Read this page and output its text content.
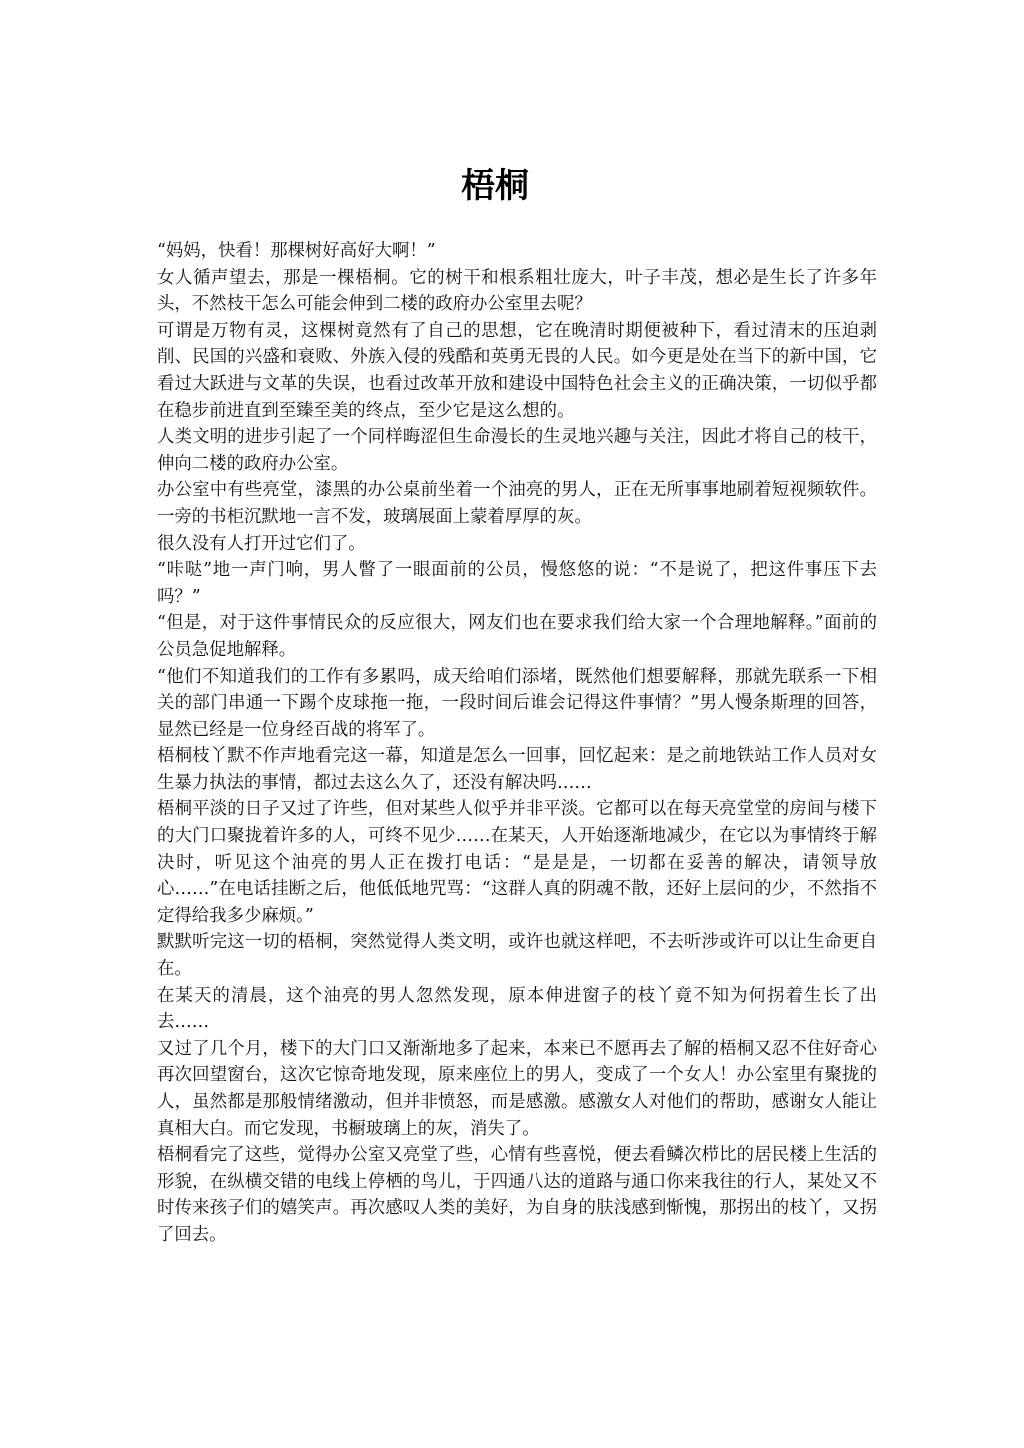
梧桐

“妈妈，快看！那棵树好高好大啊！”

女人循声望去，那是一棵梧桐。它的树干和根系粗壮庞大，叶子丰茂，想必是生长了许多年头，不然枝干怎么可能会伸到二楼的政府办公室里去呢？

可谓是万物有灵，这棵树竟然有了自己的思想，它在晚清时期便被种下，看过清末的压迫剥削、民国的兴盛和衰败、外族入侵的残酷和英勇无畏的人民。如今更是处在当下的新中国，它看过大跃进与文革的失误，也看过改革开放和建设中国特色社会主义的正确决策，一切似乎都在稳步前进直到至臻至美的终点，至少它是这么想的。

人类文明的进步引起了一个同样晦涩但生命漫长的生灵地兴趣与关注，因此才将自己的枝干，伸向二楼的政府办公室。

办公室中有些亮堂，漆黑的办公桌前坐着一个油亮的男人，正在无所事事地刷着短视频软件。一旁的书柜沉默地一言不发，玻璃展面上蒙着厚厚的灰。

很久没有人打开过它们了。

“咔哒”地一声门响，男人瞥了一眼面前的公员，慢悠悠的说：“不是说了，把这件事压下去吗？”

“但是，对于这件事情民众的反应很大，网友们也在要求我们给大家一个合理地解释。”面前的公员急促地解释。

“他们不知道我们的工作有多累吗，成天给咱们添堵，既然他们想要解释，那就先联系一下相关的部门串通一下踢个皮球拖一拖，一段时间后谁会记得这件事情？”男人慢条斯理的回答，显然已经是一位身经百战的将军了。

梧桐枝丫默不作声地看完这一幕，知道是怎么一回事，回忆起来：是之前地铁站工作人员对女生暴力执法的事情，都过去这么久了，还没有解决吗……

梧桐平淡的日子又过了许些，但对某些人似乎并非平淡。它都可以在每天亮堂堂的房间与楼下的大门口聚拢着许多的人，可终不见少……在某天，人开始逐渐地减少，在它以为事情终于解决时，听见这个油亮的男人正在拨打电话：“是是是，一切都在妥善的解决，请领导放心……”在电话挂断之后，他低低地咒骂：“这群人真的阴魂不散，还好上层问的少，不然指不定得给我多少麻烦。”

默默听完这一切的梧桐，突然觉得人类文明，或许也就这样吧，不去听涉或许可以让生命更自在。

在某天的清晨，这个油亮的男人忽然发现，原本伸进窗子的枝丫竟不知为何拐着生长了出去……

又过了几个月，楼下的大门口又渐渐地多了起来，本来已不愿再去了解的梧桐又忍不住好奇心再次回望窗台，这次它惊奇地发现，原来座位上的男人，变成了一个女人！办公室里有聚拢的人，虽然都是那般情绪激动，但并非愤怒，而是感激。感激女人对他们的帮助，感谢女人能让真相大白。而它发现，书橱玻璃上的灰，消失了。

梧桐看完了这些，觉得办公室又亮堂了些，心情有些喜悦，便去看鳞次栉比的居民楼上生活的形貌，在纵横交错的电线上停栖的鸟儿，于四通八达的道路与通口你来我往的行人，某处又不时传来孩子们的嬉笑声。再次感叹人类的美好，为自身的肤浅感到惭愧，那拐出的枝丫，又拐了回去。
